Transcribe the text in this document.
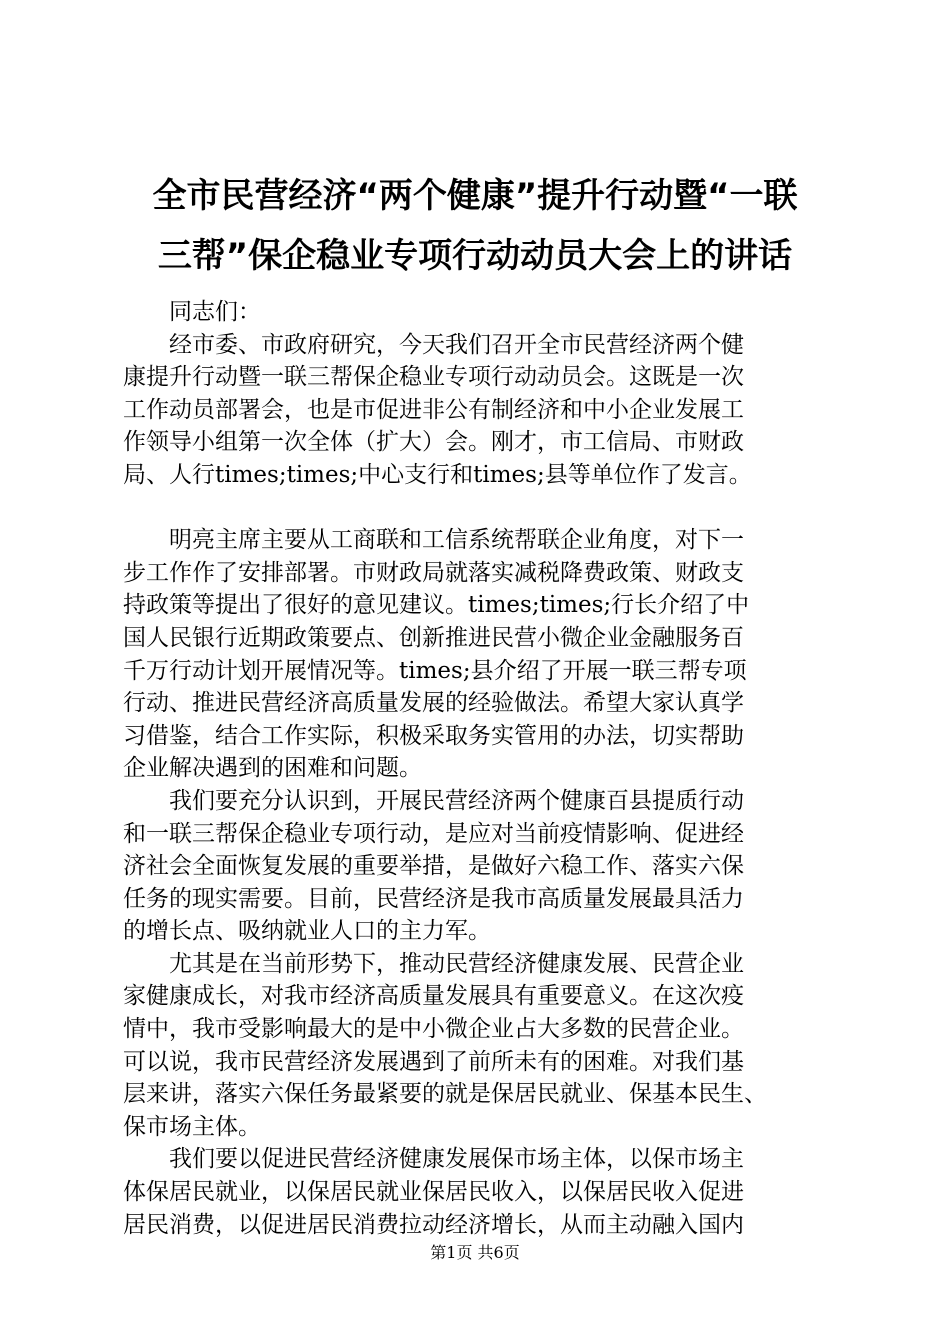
全市民营经济“两个健康”提升行动暨“一联
三帮”保企稳业专项行动动员大会上的讲话

　　同志们：

　　经市委、市政府研究，今天我们召开全市民营经济两个健

康提升行动暨一联三帮保企稳业专项行动动员会。这既是一次

工作动员部署会，也是市促进非公有制经济和中小企业发展工

作领导小组第一次全体（扩大）会。刚才，市工信局、市财政

局、人行times;times;中心支行和times;县等单位作了发言。

　　明亮主席主要从工商联和工信系统帮联企业角度，对下一

步工作作了安排部署。市财政局就落实减税降费政策、财政支

持政策等提出了很好的意见建议。times;times;行长介绍了中

国人民银行近期政策要点、创新推进民营小微企业金融服务百

千万行动计划开展情况等。times;县介绍了开展一联三帮专项

行动、推进民营经济高质量发展的经验做法。希望大家认真学

习借鉴，结合工作实际，积极采取务实管用的办法，切实帮助

企业解决遇到的困难和问题。

　　我们要充分认识到，开展民营经济两个健康百县提质行动

和一联三帮保企稳业专项行动，是应对当前疫情影响、促进经

济社会全面恢复发展的重要举措，是做好六稳工作、落实六保

任务的现实需要。目前，民营经济是我市高质量发展最具活力

的增长点、吸纳就业人口的主力军。

　　尤其是在当前形势下，推动民营经济健康发展、民营企业

家健康成长，对我市经济高质量发展具有重要意义。在这次疫

情中，我市受影响最大的是中小微企业占大多数的民营企业。

可以说，我市民营经济发展遇到了前所未有的困难。对我们基

层来讲，落实六保任务最紧要的就是保居民就业、保基本民生、

保市场主体。

　　我们要以促进民营经济健康发展保市场主体，以保市场主

体保居民就业，以保居民就业保居民收入，以保居民收入促进

居民消费，以促进居民消费拉动经济增长，从而主动融入国内

第1页 共6页
